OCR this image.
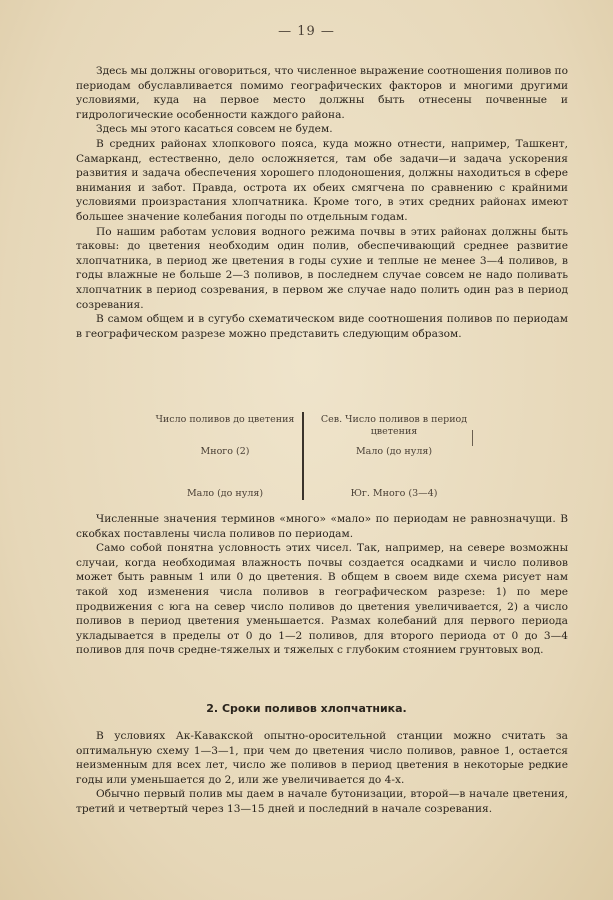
— 19 —

Здесь мы должны оговориться, что численное выражение соотношения поливов по периодам обуславливается помимо географических факторов и многими другими условиями, куда на первое место должны быть отнесены почвенные и гидрологические особенности каждого района.

Здесь мы этого касаться совсем не будем.

В средних районах хлопкового пояса, куда можно отнести, например, Ташкент, Самарканд, естественно, дело осложняется, там обе задачи—и задача ускорения развития и задача обеспечения хорошего плодоношения, должны находиться в сфере внимания и забот. Правда, острота их обеих смягчена по сравнению с крайними условиями произрастания хлопчатника. Кроме того, в этих средних районах имеют большее значение колебания погоды по отдельным годам.

По нашим работам условия водного режима почвы в этих районах должны быть таковы: до цветения необходим один полив, обеспечивающий среднее развитие хлопчатника, в период же цветения в годы сухие и теплые не менее 3—4 поливов, в годы влажные не больше 2—3 поливов, в последнем случае совсем не надо поливать хлопчатник в период созревания, в первом же случае надо полить один раз в период созревания.

В самом общем и в сугубо схематическом виде соотношения поливов по периодам в географическом разрезе можно представить следующим образом.

Число поливов до цветения	Сев. Число поливов в период цветения
Много (2)	Мало (до нуля)
Мало (до нуля)	Юг. Много (3—4)

Численные значения терминов «много» «мало» по периодам не равнозначущи. В скобках поставлены числа поливов по периодам.

Само собой понятна условность этих чисел. Так, например, на севере возможны случаи, когда необходимая влажность почвы создается осадками и число поливов может быть равным 1 или 0 до цветения. В общем в своем виде схема рисует нам такой ход изменения числа поливов в географическом разрезе: 1) по мере продвижения с юга на север число поливов до цветения увеличивается, 2) а число поливов в период цветения уменьшается. Размах колебаний для первого периода укладывается в пределы от 0 до 1—2 поливов, для второго периода от 0 до 3—4 поливов для почв средне-тяжелых и тяжелых с глубоким стоянием грунтовых вод.

2. Сроки поливов хлопчатника.

В условиях Ак-Кавакской опытно-оросительной станции можно считать за оптимальную схему 1—3—1, при чем до цветения число поливов, равное 1, остается неизменным для всех лет, число же поливов в период цветения в некоторые редкие годы или уменьшается до 2, или же увеличивается до 4-х.

Обычно первый полив мы даем в начале бутонизации, второй—в начале цветения, третий и четвертый через 13—15 дней и последний в начале созревания.
